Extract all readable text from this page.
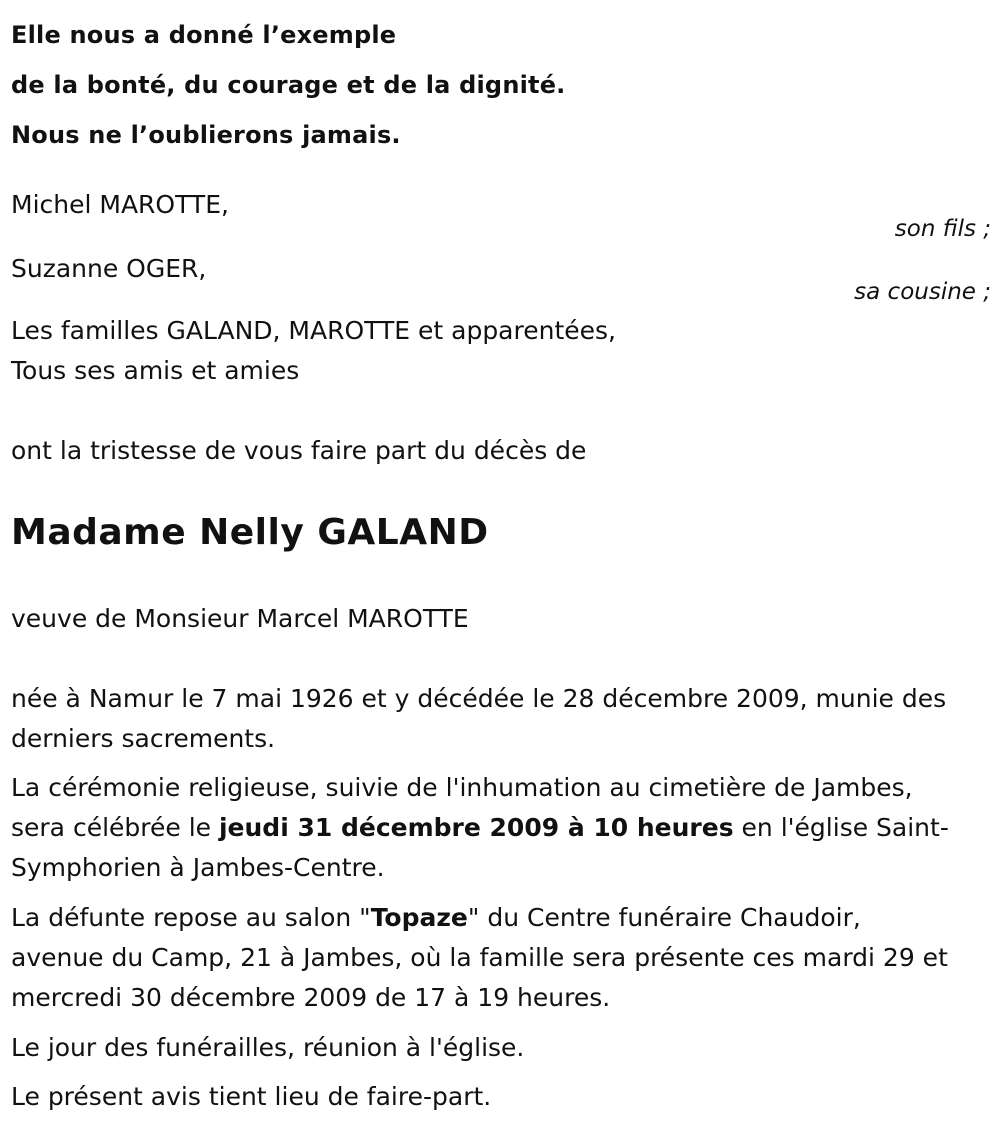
Elle nous a donné l’exemple
de la bonté, du courage et de la dignité.
Nous ne l’oublierons jamais.
Michel MAROTTE,
son fils ;
Suzanne OGER,
sa cousine ;
Les familles GALAND, MAROTTE et apparentées,
Tous ses amis et amies
ont la tristesse de vous faire part du décès de
Madame Nelly GALAND
veuve de Monsieur Marcel MAROTTE
née à Namur le 7 mai 1926 et y décédée le 28 décembre 2009, munie des
derniers sacrements.
La cérémonie religieuse, suivie de l'inhumation au cimetière de Jambes,
sera célébrée le jeudi 31 décembre 2009 à 10 heures en l'église Saint-
Symphorien à Jambes-Centre.
La défunte repose au salon "Topaze" du Centre funéraire Chaudoir,
avenue du Camp, 21 à Jambes, où la famille sera présente ces mardi 29 et
mercredi 30 décembre 2009 de 17 à 19 heures.
Le jour des funérailles, réunion à l'église.
Le présent avis tient lieu de faire-part.
